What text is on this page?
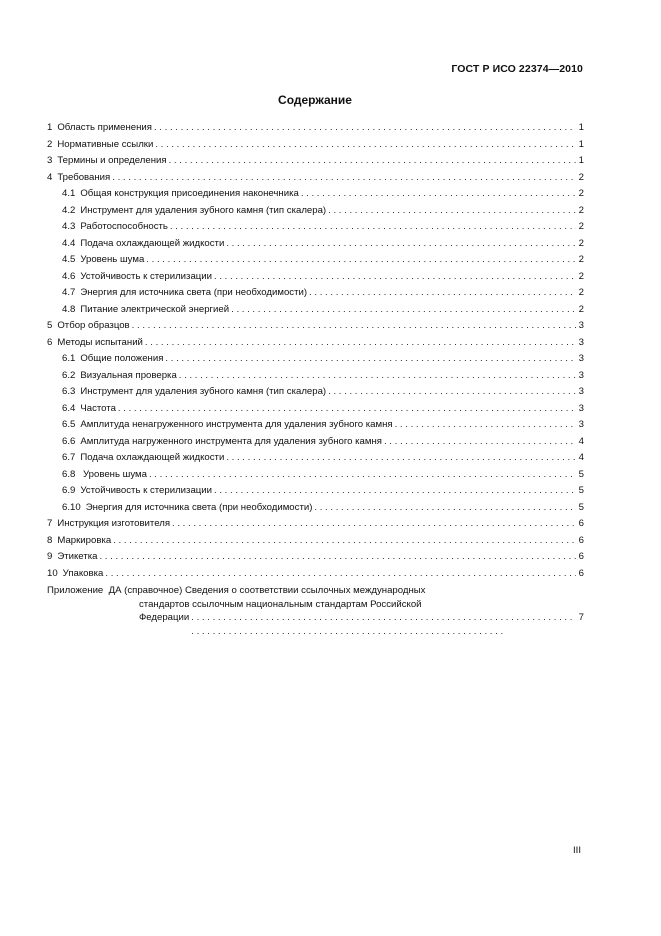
ГОСТ Р ИСО 22374—2010
Содержание
1 Область применения . . .	1
2 Нормативные ссылки . . .	1
3 Термины и определения . . .	1
4 Требования . . .	2
4.1 Общая конструкция присоединения наконечника . . .	2
4.2 Инструмент для удаления зубного камня (тип скалера) . . .	2
4.3 Работоспособность . . .	2
4.4 Подача охлаждающей жидкости . . .	2
4.5 Уровень шума . . .	2
4.6 Устойчивость к стерилизации . . .	2
4.7 Энергия для источника света (при необходимости) . . .	2
4.8 Питание электрической энергией . . .	2
5 Отбор образцов . . .	3
6 Методы испытаний . . .	3
6.1 Общие положения . . .	3
6.2 Визуальная проверка . . .	3
6.3 Инструмент для удаления зубного камня (тип скалера) . . .	3
6.4 Частота . . .	3
6.5 Амплитуда ненагруженного инструмента для удаления зубного камня . . .	3
6.6 Амплитуда нагруженного инструмента для удаления зубного камня . . .	4
6.7 Подача охлаждающей жидкости . . .	4
6.8 Уровень шума . . .	5
6.9 Устойчивость к стерилизации . . .	5
6.10 Энергия для источника света (при необходимости) . . .	5
7 Инструкция изготовителя . . .	6
8 Маркировка . . .	6
9 Этикетка . . .	6
10 Упаковка . . .	6
Приложение  ДА (справочное) Сведения о соответствии ссылочных международных
стандартов ссылочным национальным стандартам Российской
Федерации . . .	7
III
